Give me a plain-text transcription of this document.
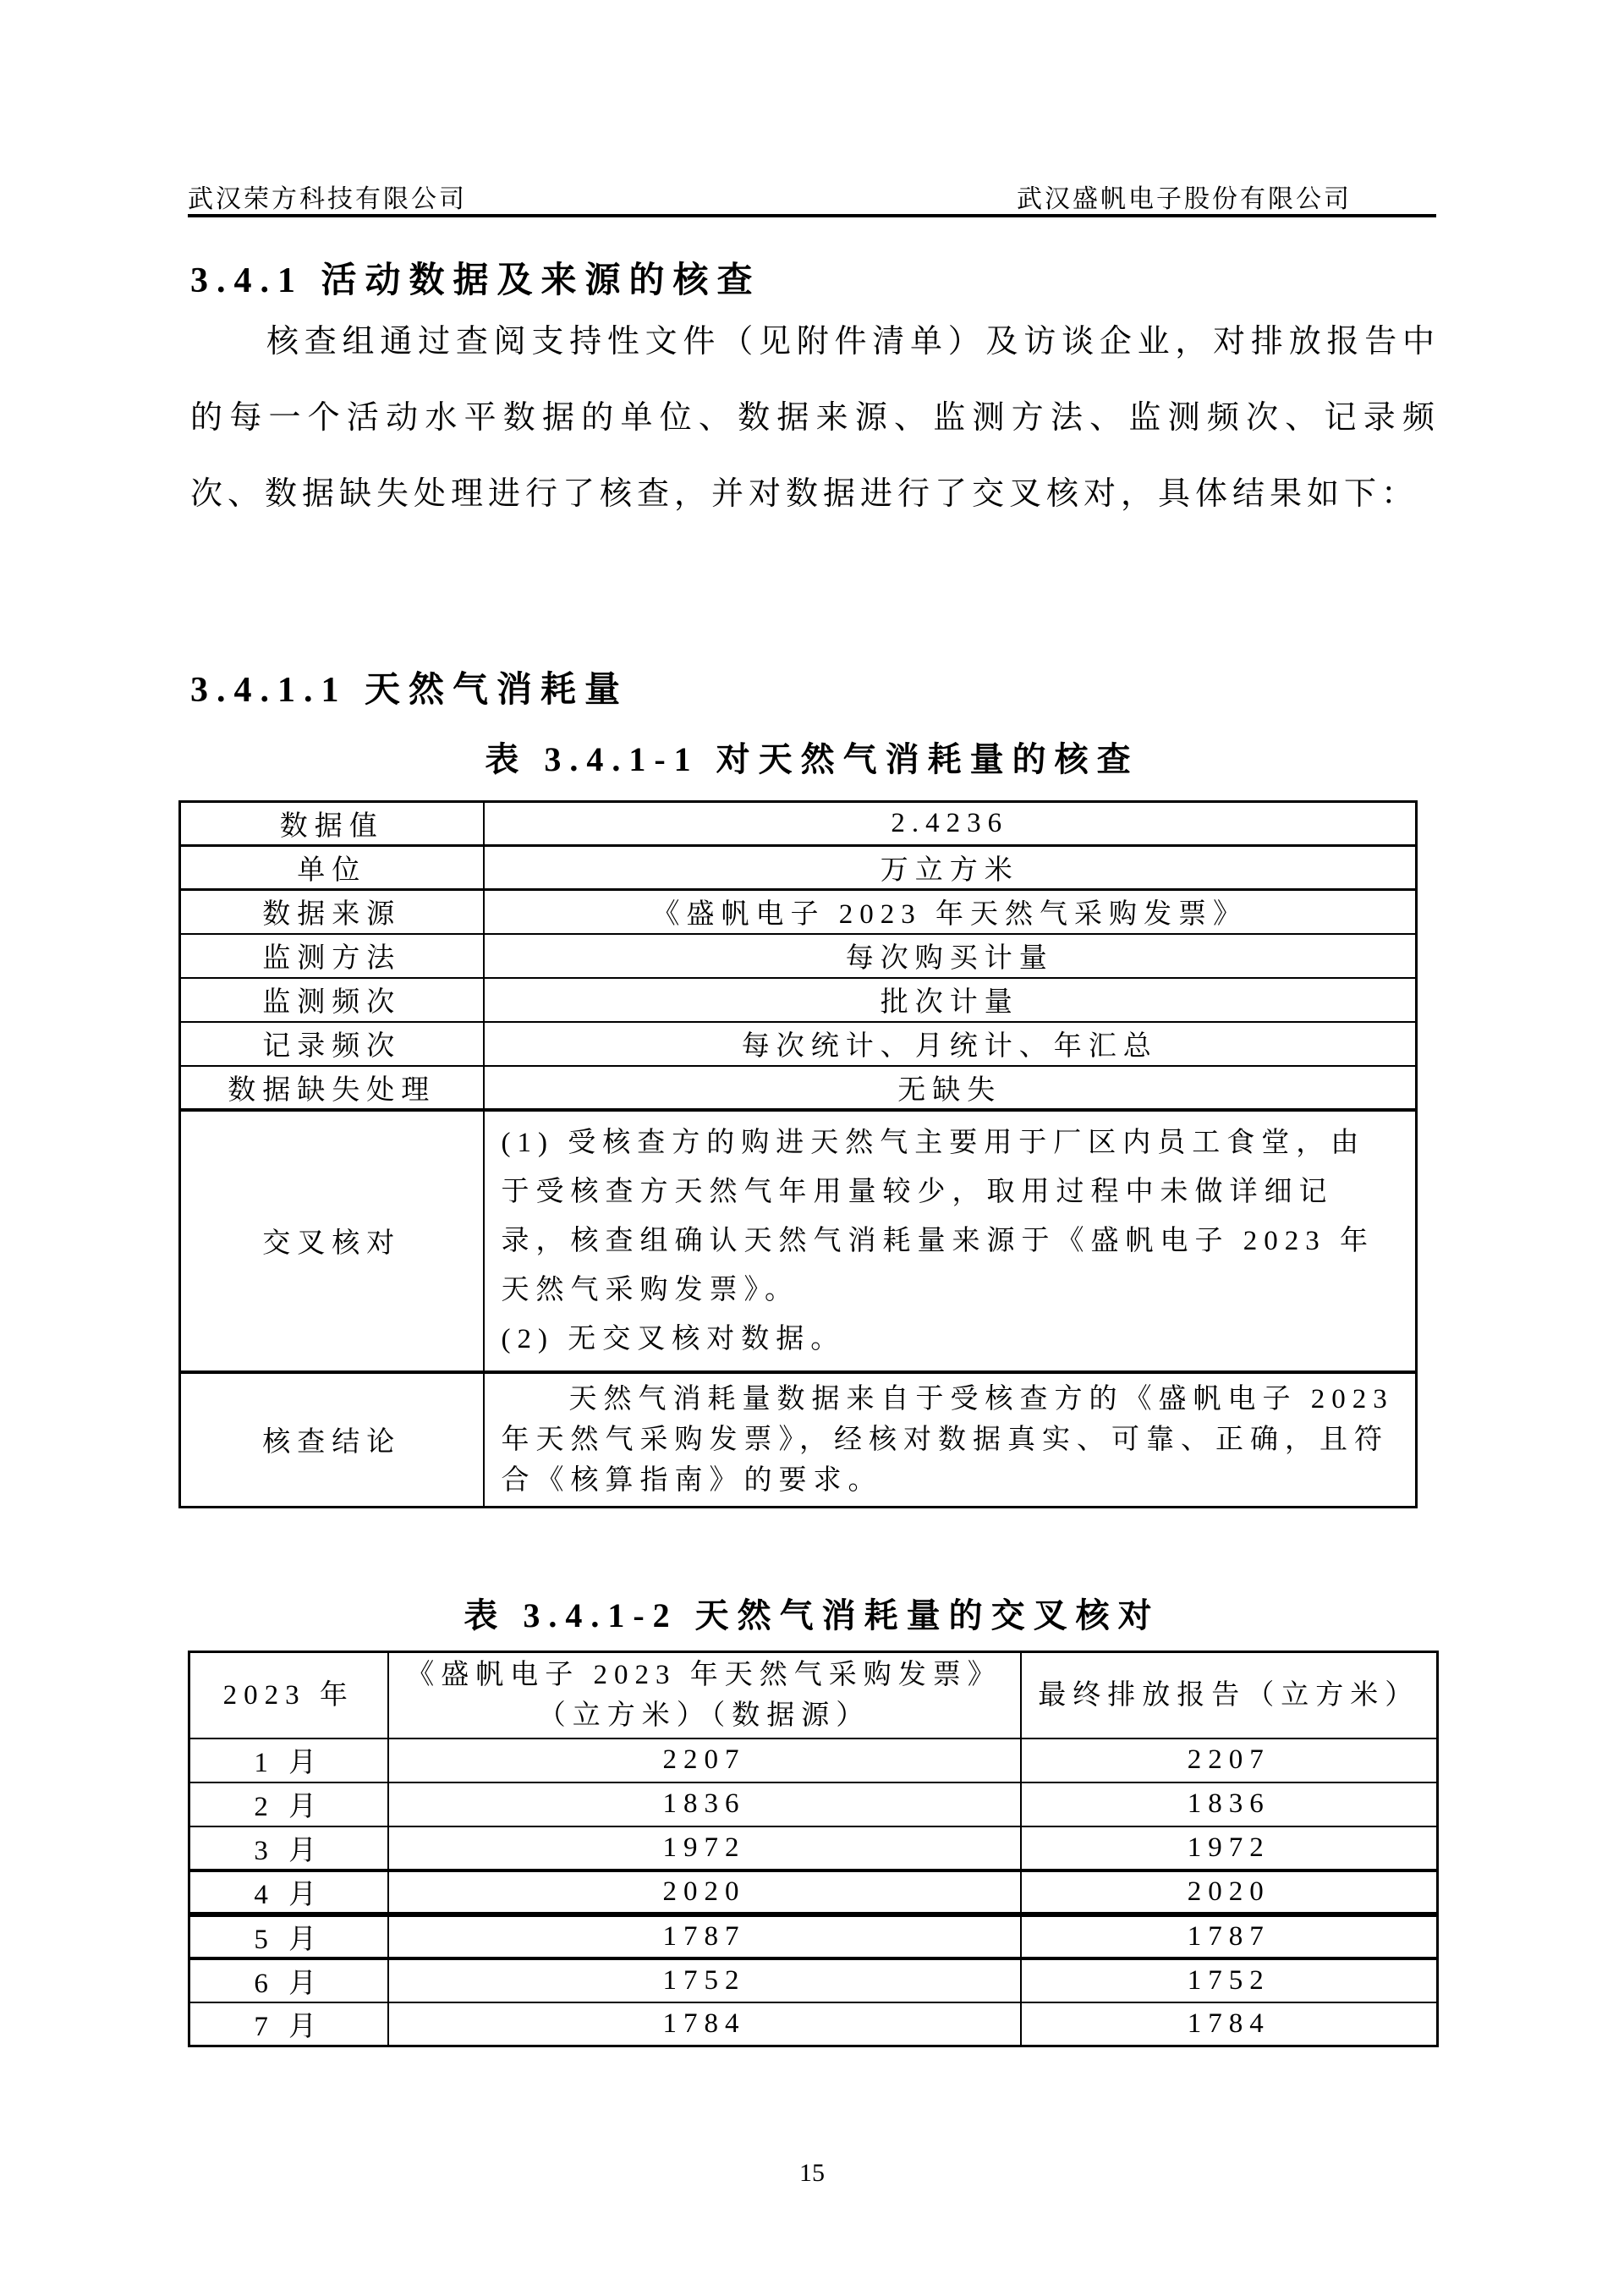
武汉荣方科技有限公司	武汉盛帆电子股份有限公司
3.4.1 活动数据及来源的核查
核查组通过查阅支持性文件（见附件清单）及访谈企业，对排放报告中的每一个活动水平数据的单位、数据来源、监测方法、监测频次、记录频次、数据缺失处理进行了核查，并对数据进行了交叉核对，具体结果如下：
3.4.1.1 天然气消耗量
表 3.4.1-1 对天然气消耗量的核查
数据值	2.4236
单位	万立方米
数据来源	《盛帆电子 2023 年天然气采购发票》
监测方法	每次购买计量
监测频次	批次计量
记录频次	每次统计、月统计、年汇总
数据缺失处理	无缺失
交叉核对	(1) 受核查方的购进天然气主要用于厂区内员工食堂，由于受核查方天然气年用量较少，取用过程中未做详细记录，核查组确认天然气消耗量来源于《盛帆电子 2023 年天然气采购发票》。
(2) 无交叉核对数据。

核查结论	天然气消耗量数据来自于受核查方的《盛帆电子 2023 年天然气采购发票》，经核对数据真实、可靠、正确，且符合《核算指南》的要求。
表 3.4.1-2 天然气消耗量的交叉核对
2023 年	《盛帆电子 2023 年天然气采购发票》（立方米）（数据源）	最终排放报告（立方米）
1 月	2207	2207
2 月	1836	1836
3 月	1972	1972
4 月	2020	2020
5 月	1787	1787
6 月	1752	1752
7 月	1784	1784
15
